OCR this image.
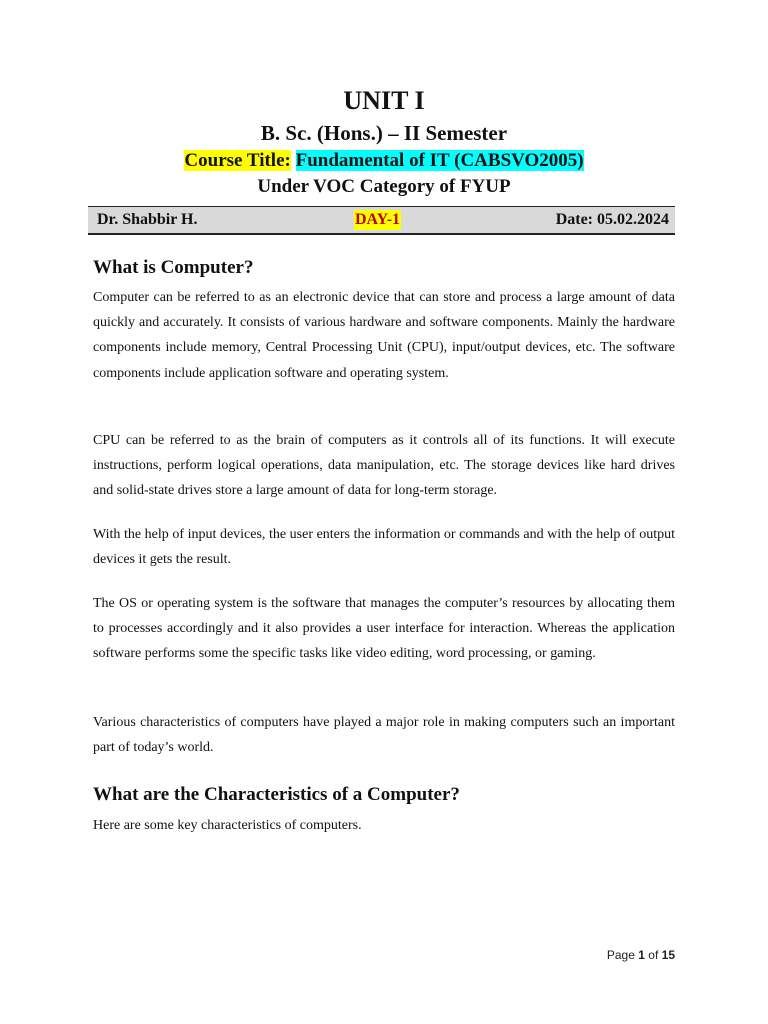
UNIT I
B. Sc. (Hons.) – II Semester
Course Title: Fundamental of IT (CABSVO2005)
Under VOC Category of FYUP
Dr. Shabbir H.	DAY-1	Date: 05.02.2024
What is Computer?

Computer can be referred to as an electronic device that can store and process a large amount of data quickly and accurately. It consists of various hardware and software components. Mainly the hardware components include memory, Central Processing Unit (CPU), input/output devices, etc. The software components include application software and operating system.

CPU can be referred to as the brain of computers as it controls all of its functions. It will execute instructions, perform logical operations, data manipulation, etc. The storage devices like hard drives and solid-state drives store a large amount of data for long-term storage.

With the help of input devices, the user enters the information or commands and with the help of output devices it gets the result.

The OS or operating system is the software that manages the computer’s resources by allocating them to processes accordingly and it also provides a user interface for interaction. Whereas the application software performs some the specific tasks like video editing, word processing, or gaming.

Various characteristics of computers have played a major role in making computers such an important part of today’s world.

What are the Characteristics of a Computer?

Here are some key characteristics of computers.

Page 1 of 15
